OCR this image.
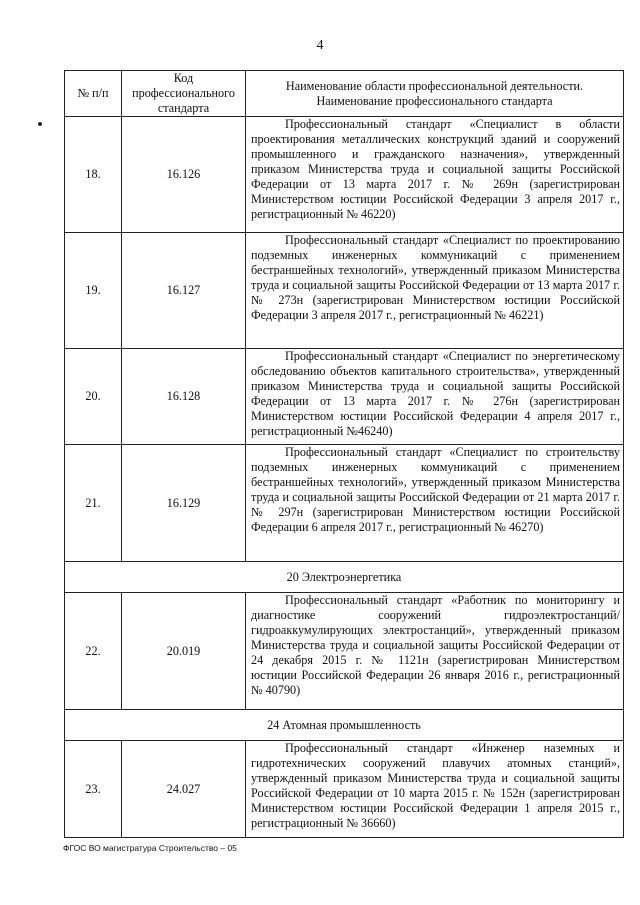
4
№ п/п	Код профессионального стандарта	Наименование области профессиональной деятельности. Наименование профессионального стандарта
18.	16.126	Профессиональный стандарт «Специалист в области проектирования металлических конструкций зданий и сооружений промышленного и гражданского назначения», утвержденный приказом Министерства труда и социальной защиты Российской Федерации от 13 марта 2017 г. № 269н (зарегистрирован Министерством юстиции Российской Федерации 3 апреля 2017 г., регистрационный № 46220)
19.	16.127	Профессиональный стандарт «Специалист по проектированию подземных инженерных коммуникаций с применением бестраншейных технологий», утвержденный приказом Министерства труда и социальной защиты Российской Федерации от 13 марта 2017 г. № 273н (зарегистрирован Министерством юстиции Российской Федерации 3 апреля 2017 г., регистрационный № 46221)
20.	16.128	Профессиональный стандарт «Специалист по энергетическому обследованию объектов капитального строительства», утвержденный приказом Министерства труда и социальной защиты Российской Федерации от 13 марта 2017 г. № 276н (зарегистрирован Министерством юстиции Российской Федерации 4 апреля 2017 г., регистрационный №46240)
21.	16.129	Профессиональный стандарт «Специалист по строительству подземных инженерных коммуникаций с применением бестраншейных технологий», утвержденный приказом Министерства труда и социальной защиты Российской Федерации от 21 марта 2017 г. № 297н (зарегистрирован Министерством юстиции Российской Федерации 6 апреля 2017 г., регистрационный № 46270)
20 Электроэнергетика		
22.	20.019	Профессиональный стандарт «Работник по мониторингу и диагностике сооружений гидроэлектростанций/гидроаккумулирующих электростанций», утвержденный приказом Министерства труда и социальной защиты Российской Федерации от 24 декабря 2015 г. № 1121н (зарегистрирован Министерством юстиции Российской Федерации 26 января 2016 г., регистрационный № 40790)
24 Атомная промышленность		
23.	24.027	Профессиональный стандарт «Инженер наземных и гидротехнических сооружений плавучих атомных станций», утвержденный приказом Министерства труда и социальной защиты Российской Федерации от 10 марта 2015 г. № 152н (зарегистрирован Министерством юстиции Российской Федерации 1 апреля 2015 г., регистрационный № 36660)
ФГОС ВО магистратура Строительство – 05
